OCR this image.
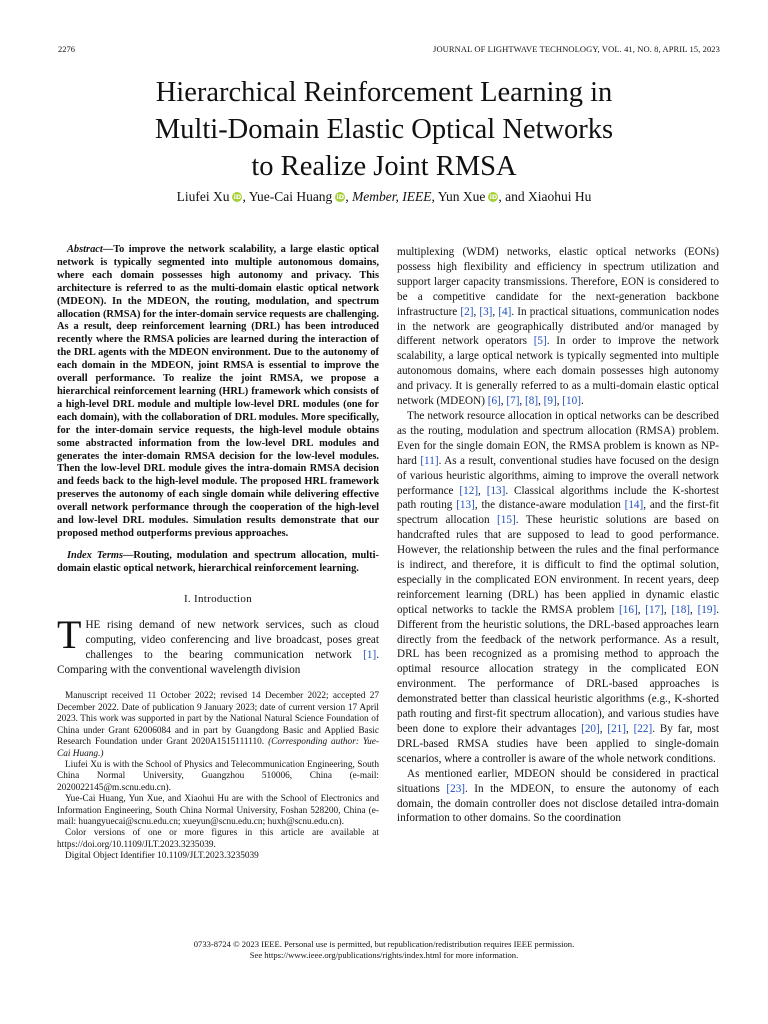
2276	JOURNAL OF LIGHTWAVE TECHNOLOGY, VOL. 41, NO. 8, APRIL 15, 2023
Hierarchical Reinforcement Learning in
Multi-Domain Elastic Optical Networks
to Realize Joint RMSA
Liufei Xu iD, Yue-Cai Huang iD, Member, IEEE, Yun Xue iD, and Xiaohui Hu

Abstract—To improve the network scalability, a large elastic optical network is typically segmented into multiple autonomous domains, where each domain possesses high autonomy and privacy. This architecture is referred to as the multi-domain elastic optical network (MDEON). In the MDEON, the routing, modulation, and spectrum allocation (RMSA) for the inter-domain service requests are challenging. As a result, deep reinforcement learning (DRL) has been introduced recently where the RMSA policies are learned during the interaction of the DRL agents with the MDEON environment. Due to the autonomy of each domain in the MDEON, joint RMSA is essential to improve the overall performance. To realize the joint RMSA, we propose a hierarchical reinforcement learning (HRL) framework which consists of a high-level DRL module and multiple low-level DRL modules (one for each domain), with the collaboration of DRL modules. More specifically, for the inter-domain service requests, the high-level module obtains some abstracted information from the low-level DRL modules and generates the inter-domain RMSA decision for the low-level modules. Then the low-level DRL module gives the intra-domain RMSA decision and feeds back to the high-level module. The proposed HRL framework preserves the autonomy of each single domain while delivering effective overall network performance through the cooperation of the high-level and low-level DRL modules. Simulation results demonstrate that our proposed method outperforms previous approaches.

Index Terms—Routing, modulation and spectrum allocation, multi-domain elastic optical network, hierarchical reinforcement learning.

I. Introduction

THE rising demand of new network services, such as cloud computing, video conferencing and live broadcast, poses great challenges to the bearing communication network [1]. Comparing with the conventional wavelength division

Manuscript received 11 October 2022; revised 14 December 2022; accepted 27 December 2022. Date of publication 9 January 2023; date of current version 17 April 2023. This work was supported in part by the National Natural Science Foundation of China under Grant 62006084 and in part by Guangdong Basic and Applied Basic Research Foundation under Grant 2020A1515111110. (Corresponding author: Yue-Cai Huang.)

Liufei Xu is with the School of Physics and Telecommunication Engineering, South China Normal University, Guangzhou 510006, China (e-mail: 2020022145@m.scnu.edu.cn).

Yue-Cai Huang, Yun Xue, and Xiaohui Hu are with the School of Electronics and Information Engineering, South China Normal University, Foshan 528200, China (e-mail: huangyuecai@scnu.edu.cn; xueyun@scnu.edu.cn; huxh@scnu.edu.cn).

Color versions of one or more figures in this article are available at https://doi.org/10.1109/JLT.2023.3235039.

Digital Object Identifier 10.1109/JLT.2023.3235039

multiplexing (WDM) networks, elastic optical networks (EONs) possess high flexibility and efficiency in spectrum utilization and support larger capacity transmissions. Therefore, EON is considered to be a competitive candidate for the next-generation backbone infrastructure [2], [3], [4]. In practical situations, communication nodes in the network are geographically distributed and/or managed by different network operators [5]. In order to improve the network scalability, a large optical network is typically segmented into multiple autonomous domains, where each domain possesses high autonomy and privacy. It is generally referred to as a multi-domain elastic optical network (MDEON) [6], [7], [8], [9], [10].

The network resource allocation in optical networks can be described as the routing, modulation and spectrum allocation (RMSA) problem. Even for the single domain EON, the RMSA problem is known as NP-hard [11]. As a result, conventional studies have focused on the design of various heuristic algorithms, aiming to improve the overall network performance [12], [13]. Classical algorithms include the K-shortest path routing [13], the distance-aware modulation [14], and the first-fit spectrum allocation [15]. These heuristic solutions are based on handcrafted rules that are supposed to lead to good performance. However, the relationship between the rules and the final performance is indirect, and therefore, it is difficult to find the optimal solution, especially in the complicated EON environment. In recent years, deep reinforcement learning (DRL) has been applied in dynamic elastic optical networks to tackle the RMSA problem [16], [17], [18], [19]. Different from the heuristic solutions, the DRL-based approaches learn directly from the feedback of the network performance. As a result, DRL has been recognized as a promising method to approach the optimal resource allocation strategy in the complicated EON environment. The performance of DRL-based approaches is demonstrated better than classical heuristic algorithms (e.g., K-shorted path routing and first-fit spectrum allocation), and various studies have been done to explore their advantages [20], [21], [22]. By far, most DRL-based RMSA studies have been applied to single-domain scenarios, where a controller is aware of the whole network conditions.

As mentioned earlier, MDEON should be considered in practical situations [23]. In the MDEON, to ensure the autonomy of each domain, the domain controller does not disclose detailed intra-domain information to other domains. So the coordination

0733-8724 © 2023 IEEE. Personal use is permitted, but republication/redistribution requires IEEE permission.
See https://www.ieee.org/publications/rights/index.html for more information.
